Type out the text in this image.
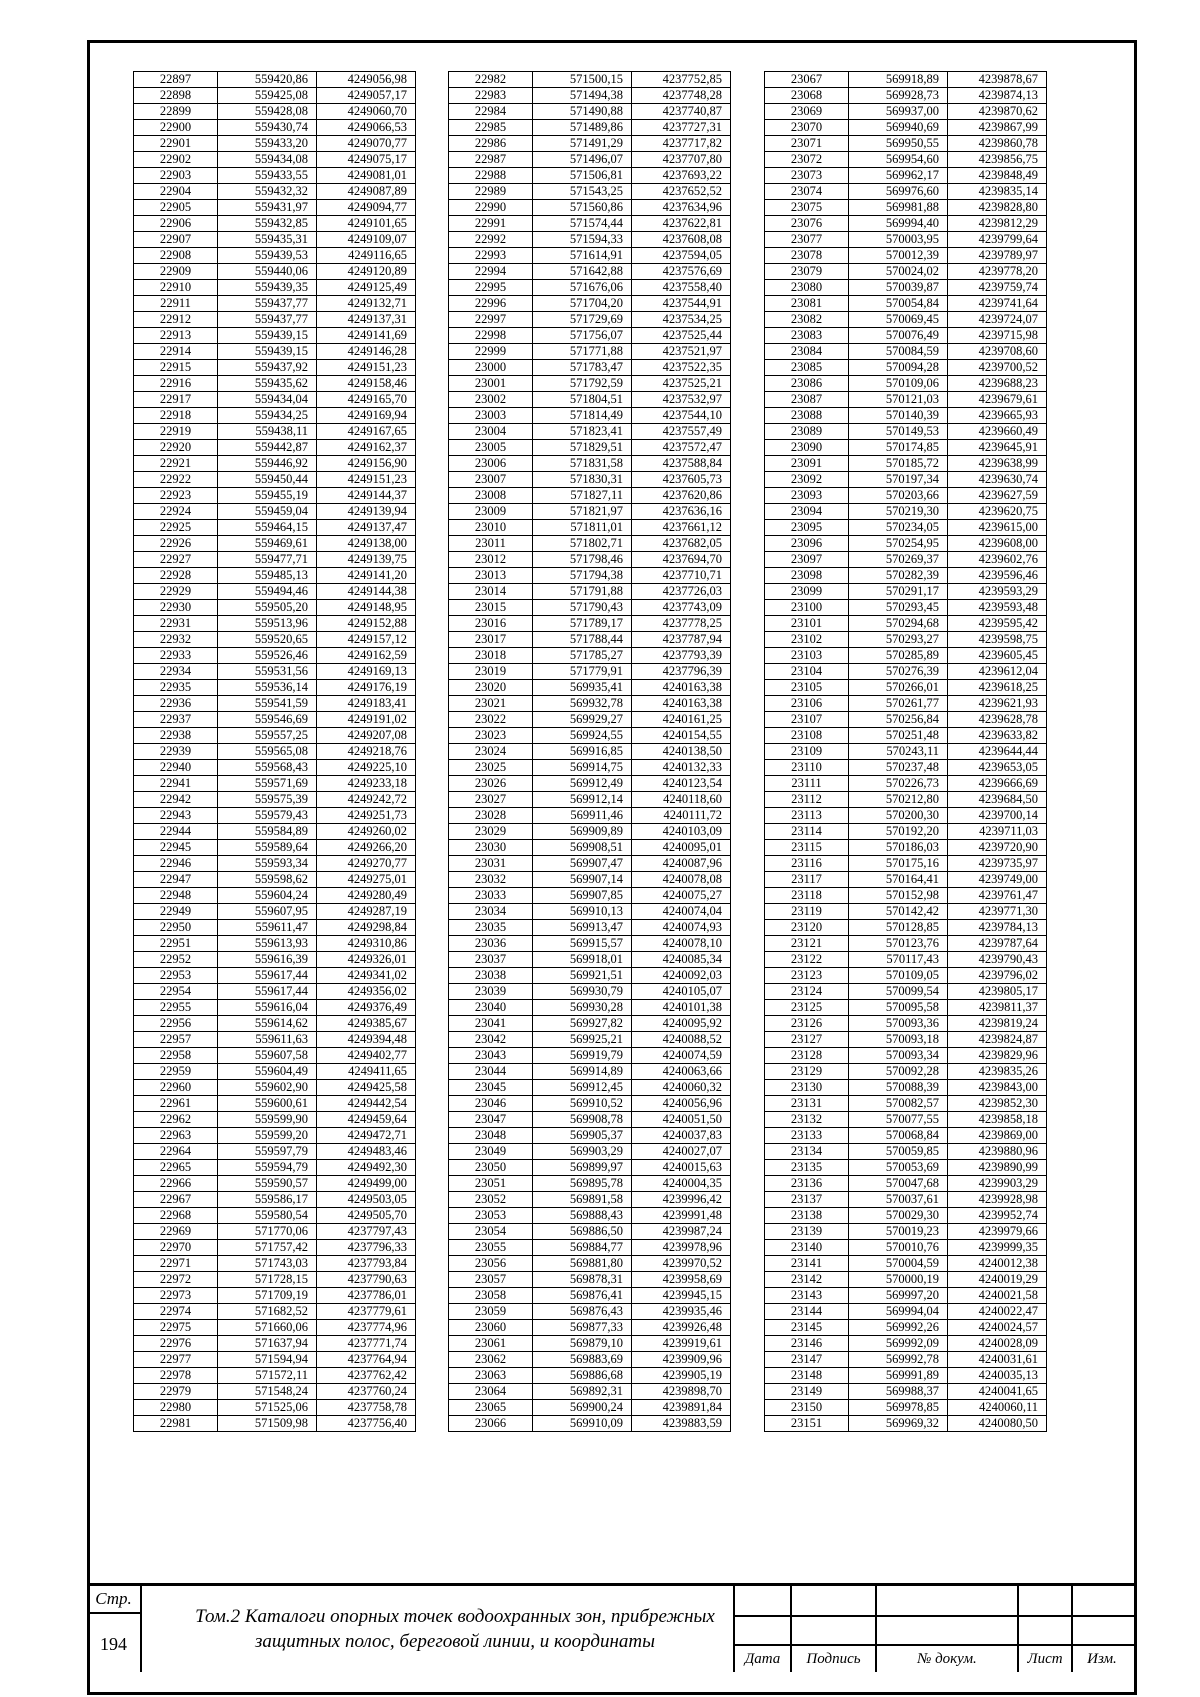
22897	559420,86	4249056,98
22898	559425,08	4249057,17
22899	559428,08	4249060,70
22900	559430,74	4249066,53
22901	559433,20	4249070,77
22902	559434,08	4249075,17
22903	559433,55	4249081,01
22904	559432,32	4249087,89
22905	559431,97	4249094,77
22906	559432,85	4249101,65
22907	559435,31	4249109,07
22908	559439,53	4249116,65
22909	559440,06	4249120,89
22910	559439,35	4249125,49
22911	559437,77	4249132,71
22912	559437,77	4249137,31
22913	559439,15	4249141,69
22914	559439,15	4249146,28
22915	559437,92	4249151,23
22916	559435,62	4249158,46
22917	559434,04	4249165,70
22918	559434,25	4249169,94
22919	559438,11	4249167,65
22920	559442,87	4249162,37
22921	559446,92	4249156,90
22922	559450,44	4249151,23
22923	559455,19	4249144,37
22924	559459,04	4249139,94
22925	559464,15	4249137,47
22926	559469,61	4249138,00
22927	559477,71	4249139,75
22928	559485,13	4249141,20
22929	559494,46	4249144,38
22930	559505,20	4249148,95
22931	559513,96	4249152,88
22932	559520,65	4249157,12
22933	559526,46	4249162,59
22934	559531,56	4249169,13
22935	559536,14	4249176,19
22936	559541,59	4249183,41
22937	559546,69	4249191,02
22938	559557,25	4249207,08
22939	559565,08	4249218,76
22940	559568,43	4249225,10
22941	559571,69	4249233,18
22942	559575,39	4249242,72
22943	559579,43	4249251,73
22944	559584,89	4249260,02
22945	559589,64	4249266,20
22946	559593,34	4249270,77
22947	559598,62	4249275,01
22948	559604,24	4249280,49
22949	559607,95	4249287,19
22950	559611,47	4249298,84
22951	559613,93	4249310,86
22952	559616,39	4249326,01
22953	559617,44	4249341,02
22954	559617,44	4249356,02
22955	559616,04	4249376,49
22956	559614,62	4249385,67
22957	559611,63	4249394,48
22958	559607,58	4249402,77
22959	559604,49	4249411,65
22960	559602,90	4249425,58
22961	559600,61	4249442,54
22962	559599,90	4249459,64
22963	559599,20	4249472,71
22964	559597,79	4249483,46
22965	559594,79	4249492,30
22966	559590,57	4249499,00
22967	559586,17	4249503,05
22968	559580,54	4249505,70
22969	571770,06	4237797,43
22970	571757,42	4237796,33
22971	571743,03	4237793,84
22972	571728,15	4237790,63
22973	571709,19	4237786,01
22974	571682,52	4237779,61
22975	571660,06	4237774,96
22976	571637,94	4237771,74
22977	571594,94	4237764,94
22978	571572,11	4237762,42
22979	571548,24	4237760,24
22980	571525,06	4237758,78
22981	571509,98	4237756,40
22982	571500,15	4237752,85
22983	571494,38	4237748,28
22984	571490,88	4237740,87
22985	571489,86	4237727,31
22986	571491,29	4237717,82
22987	571496,07	4237707,80
22988	571506,81	4237693,22
22989	571543,25	4237652,52
22990	571560,86	4237634,96
22991	571574,44	4237622,81
22992	571594,33	4237608,08
22993	571614,91	4237594,05
22994	571642,88	4237576,69
22995	571676,06	4237558,40
22996	571704,20	4237544,91
22997	571729,69	4237534,25
22998	571756,07	4237525,44
22999	571771,88	4237521,97
23000	571783,47	4237522,35
23001	571792,59	4237525,21
23002	571804,51	4237532,97
23003	571814,49	4237544,10
23004	571823,41	4237557,49
23005	571829,51	4237572,47
23006	571831,58	4237588,84
23007	571830,31	4237605,73
23008	571827,11	4237620,86
23009	571821,97	4237636,16
23010	571811,01	4237661,12
23011	571802,71	4237682,05
23012	571798,46	4237694,70
23013	571794,38	4237710,71
23014	571791,88	4237726,03
23015	571790,43	4237743,09
23016	571789,17	4237778,25
23017	571788,44	4237787,94
23018	571785,27	4237793,39
23019	571779,91	4237796,39
23020	569935,41	4240163,38
23021	569932,78	4240163,38
23022	569929,27	4240161,25
23023	569924,55	4240154,55
23024	569916,85	4240138,50
23025	569914,75	4240132,33
23026	569912,49	4240123,54
23027	569912,14	4240118,60
23028	569911,46	4240111,72
23029	569909,89	4240103,09
23030	569908,51	4240095,01
23031	569907,47	4240087,96
23032	569907,14	4240078,08
23033	569907,85	4240075,27
23034	569910,13	4240074,04
23035	569913,47	4240074,93
23036	569915,57	4240078,10
23037	569918,01	4240085,34
23038	569921,51	4240092,03
23039	569930,79	4240105,07
23040	569930,28	4240101,38
23041	569927,82	4240095,92
23042	569925,21	4240088,52
23043	569919,79	4240074,59
23044	569914,89	4240063,66
23045	569912,45	4240060,32
23046	569910,52	4240056,96
23047	569908,78	4240051,50
23048	569905,37	4240037,83
23049	569903,29	4240027,07
23050	569899,97	4240015,63
23051	569895,78	4240004,35
23052	569891,58	4239996,42
23053	569888,43	4239991,48
23054	569886,50	4239987,24
23055	569884,77	4239978,96
23056	569881,80	4239970,52
23057	569878,31	4239958,69
23058	569876,41	4239945,15
23059	569876,43	4239935,46
23060	569877,33	4239926,48
23061	569879,10	4239919,61
23062	569883,69	4239909,96
23063	569886,68	4239905,19
23064	569892,31	4239898,70
23065	569900,24	4239891,84
23066	569910,09	4239883,59
23067	569918,89	4239878,67
23068	569928,73	4239874,13
23069	569937,00	4239870,62
23070	569940,69	4239867,99
23071	569950,55	4239860,78
23072	569954,60	4239856,75
23073	569962,17	4239848,49
23074	569976,60	4239835,14
23075	569981,88	4239828,80
23076	569994,40	4239812,29
23077	570003,95	4239799,64
23078	570012,39	4239789,97
23079	570024,02	4239778,20
23080	570039,87	4239759,74
23081	570054,84	4239741,64
23082	570069,45	4239724,07
23083	570076,49	4239715,98
23084	570084,59	4239708,60
23085	570094,28	4239700,52
23086	570109,06	4239688,23
23087	570121,03	4239679,61
23088	570140,39	4239665,93
23089	570149,53	4239660,49
23090	570174,85	4239645,91
23091	570185,72	4239638,99
23092	570197,34	4239630,74
23093	570203,66	4239627,59
23094	570219,30	4239620,75
23095	570234,05	4239615,00
23096	570254,95	4239608,00
23097	570269,37	4239602,76
23098	570282,39	4239596,46
23099	570291,17	4239593,29
23100	570293,45	4239593,48
23101	570294,68	4239595,42
23102	570293,27	4239598,75
23103	570285,89	4239605,45
23104	570276,39	4239612,04
23105	570266,01	4239618,25
23106	570261,77	4239621,93
23107	570256,84	4239628,78
23108	570251,48	4239633,82
23109	570243,11	4239644,44
23110	570237,48	4239653,05
23111	570226,73	4239666,69
23112	570212,80	4239684,50
23113	570200,30	4239700,14
23114	570192,20	4239711,03
23115	570186,03	4239720,90
23116	570175,16	4239735,97
23117	570164,41	4239749,00
23118	570152,98	4239761,47
23119	570142,42	4239771,30
23120	570128,85	4239784,13
23121	570123,76	4239787,64
23122	570117,43	4239790,43
23123	570109,05	4239796,02
23124	570099,54	4239805,17
23125	570095,58	4239811,37
23126	570093,36	4239819,24
23127	570093,18	4239824,87
23128	570093,34	4239829,96
23129	570092,28	4239835,26
23130	570088,39	4239843,00
23131	570082,57	4239852,30
23132	570077,55	4239858,18
23133	570068,84	4239869,00
23134	570059,85	4239880,96
23135	570053,69	4239890,99
23136	570047,68	4239903,29
23137	570037,61	4239928,98
23138	570029,30	4239952,74
23139	570019,23	4239979,66
23140	570010,76	4239999,35
23141	570004,59	4240012,38
23142	570000,19	4240019,29
23143	569997,20	4240021,58
23144	569994,04	4240022,47
23145	569992,26	4240024,57
23146	569992,09	4240028,09
23147	569992,78	4240031,61
23148	569991,89	4240035,13
23149	569988,37	4240041,65
23150	569978,85	4240060,11
23151	569969,32	4240080,50
Стр.
194
Том.2 Каталоги опорных точек водоохранных зон, прибрежных
защитных полос, береговой линии, и координаты
Дата	Подпись	№ докум.	Лист	Изм.
